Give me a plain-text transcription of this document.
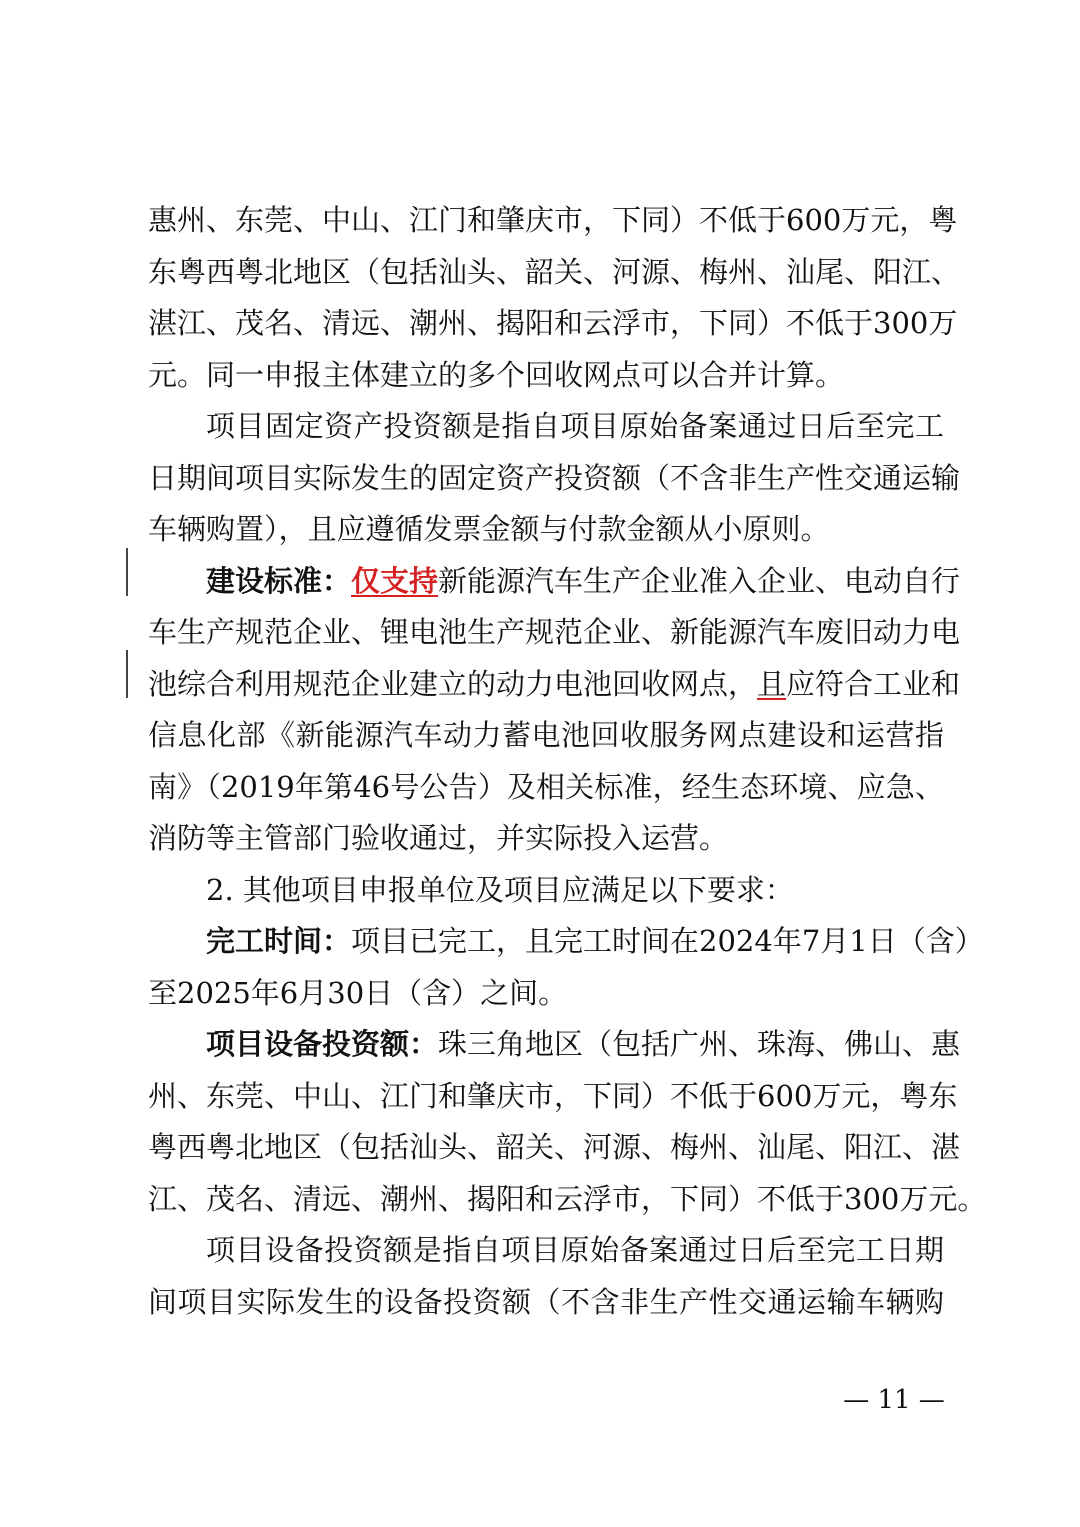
惠州、东莞、中山、江门和肇庆市，下同）不低于600万元，粤
东粤西粤北地区（包括汕头、韶关、河源、梅州、汕尾、阳江、
湛江、茂名、清远、潮州、揭阳和云浮市，下同）不低于300万
元。同一申报主体建立的多个回收网点可以合并计算。
项目固定资产投资额是指自项目原始备案通过日后至完工
日期间项目实际发生的固定资产投资额（不含非生产性交通运输
车辆购置），且应遵循发票金额与付款金额从小原则。
建设标准：仅支持新能源汽车生产企业准入企业、电动自行
车生产规范企业、锂电池生产规范企业、新能源汽车废旧动力电
池综合利用规范企业建立的动力电池回收网点，且应符合工业和
信息化部《新能源汽车动力蓄电池回收服务网点建设和运营指
南》（2019年第46号公告）及相关标准，经生态环境、应急、
消防等主管部门验收通过，并实际投入运营。
2. 其他项目申报单位及项目应满足以下要求：
完工时间：项目已完工，且完工时间在2024年7月1日（含）
至2025年6月30日（含）之间。
项目设备投资额：珠三角地区（包括广州、珠海、佛山、惠
州、东莞、中山、江门和肇庆市，下同）不低于600万元，粤东
粤西粤北地区（包括汕头、韶关、河源、梅州、汕尾、阳江、湛
江、茂名、清远、潮州、揭阳和云浮市，下同）不低于300万元。
项目设备投资额是指自项目原始备案通过日后至完工日期
间项目实际发生的设备投资额（不含非生产性交通运输车辆购
— 11 —
